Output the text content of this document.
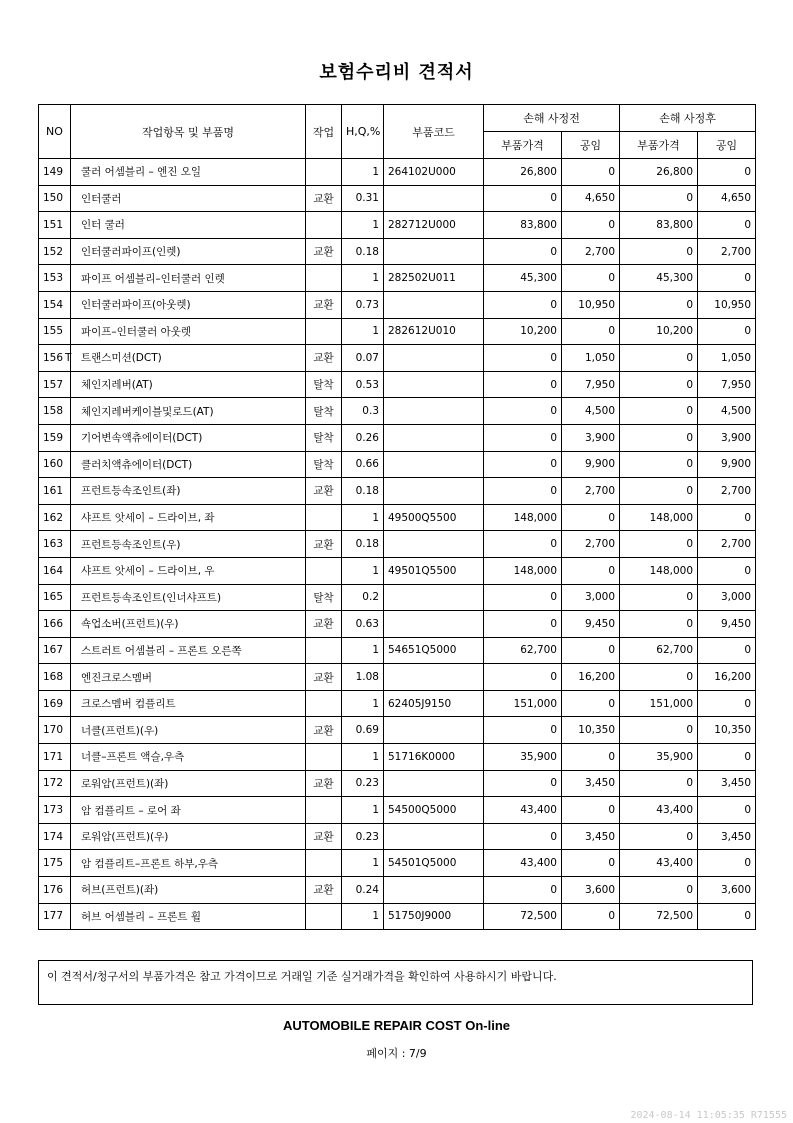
보험수리비 견적서
NO	작업항목 및 부품명	작업	H,Q,%	부품코드	손해 사정전		손해 사정후	
					부품가격	공임	부품가격	공임
149	쿨러 어셈블리 – 엔진 오일		1	264102U000	26,800	0	26,800	0
150	인터쿨러	교환	0.31		0	4,650	0	4,650
151	인터 쿨러		1	282712U000	83,800	0	83,800	0
152	인터쿨러파이프(인렛)	교환	0.18		0	2,700	0	2,700
153	파이프 어셈블리–인터쿨러 인렛		1	282502U011	45,300	0	45,300	0
154	인터쿨러파이프(아웃렛)	교환	0.73		0	10,950	0	10,950
155	파이프–인터쿨러 아웃렛		1	282612U010	10,200	0	10,200	0
156	T 트랜스미션(DCT)	교환	0.07		0	1,050	0	1,050
157	체인지레버(AT)	탈착	0.53		0	7,950	0	7,950
158	체인지레버케이블및로드(AT)	탈착	0.3		0	4,500	0	4,500
159	기어변속액츄에이터(DCT)	탈착	0.26		0	3,900	0	3,900
160	클러치액츄에이터(DCT)	탈착	0.66		0	9,900	0	9,900
161	프런트등속조인트(좌)	교환	0.18		0	2,700	0	2,700
162	샤프트 앗세이 – 드라이브, 좌		1	49500Q5500	148,000	0	148,000	0
163	프런트등속조인트(우)	교환	0.18		0	2,700	0	2,700
164	샤프트 앗세이 – 드라이브, 우		1	49501Q5500	148,000	0	148,000	0
165	프런트등속조인트(인너샤프트)	탈착	0.2		0	3,000	0	3,000
166	쇽업소버(프런트)(우)	교환	0.63		0	9,450	0	9,450
167	스트러트 어셈블리 – 프론트 오른쪽		1	54651Q5000	62,700	0	62,700	0
168	엔진크로스멤버	교환	1.08		0	16,200	0	16,200
169	크로스멤버 컴플리트		1	62405J9150	151,000	0	151,000	0
170	너클(프런트)(우)	교환	0.69		0	10,350	0	10,350
171	너클–프론트 액슬,우측		1	51716K0000	35,900	0	35,900	0
172	로워암(프런트)(좌)	교환	0.23		0	3,450	0	3,450
173	암 컴플리트 – 로어 좌		1	54500Q5000	43,400	0	43,400	0
174	로워암(프런트)(우)	교환	0.23		0	3,450	0	3,450
175	암 컴플리트–프론트 하부,우측		1	54501Q5000	43,400	0	43,400	0
176	허브(프런트)(좌)	교환	0.24		0	3,600	0	3,600
177	허브 어셈블리 – 프론트 휠		1	51750J9000	72,500	0	72,500	0
이 견적서/청구서의 부품가격은 참고 가격이므로 거래일 기준 실거래가격을 확인하여 사용하시기 바랍니다.
AUTOMOBILE REPAIR COST On-line
페이지 : 7/9
2024-08-14 11:05:35 R71555
